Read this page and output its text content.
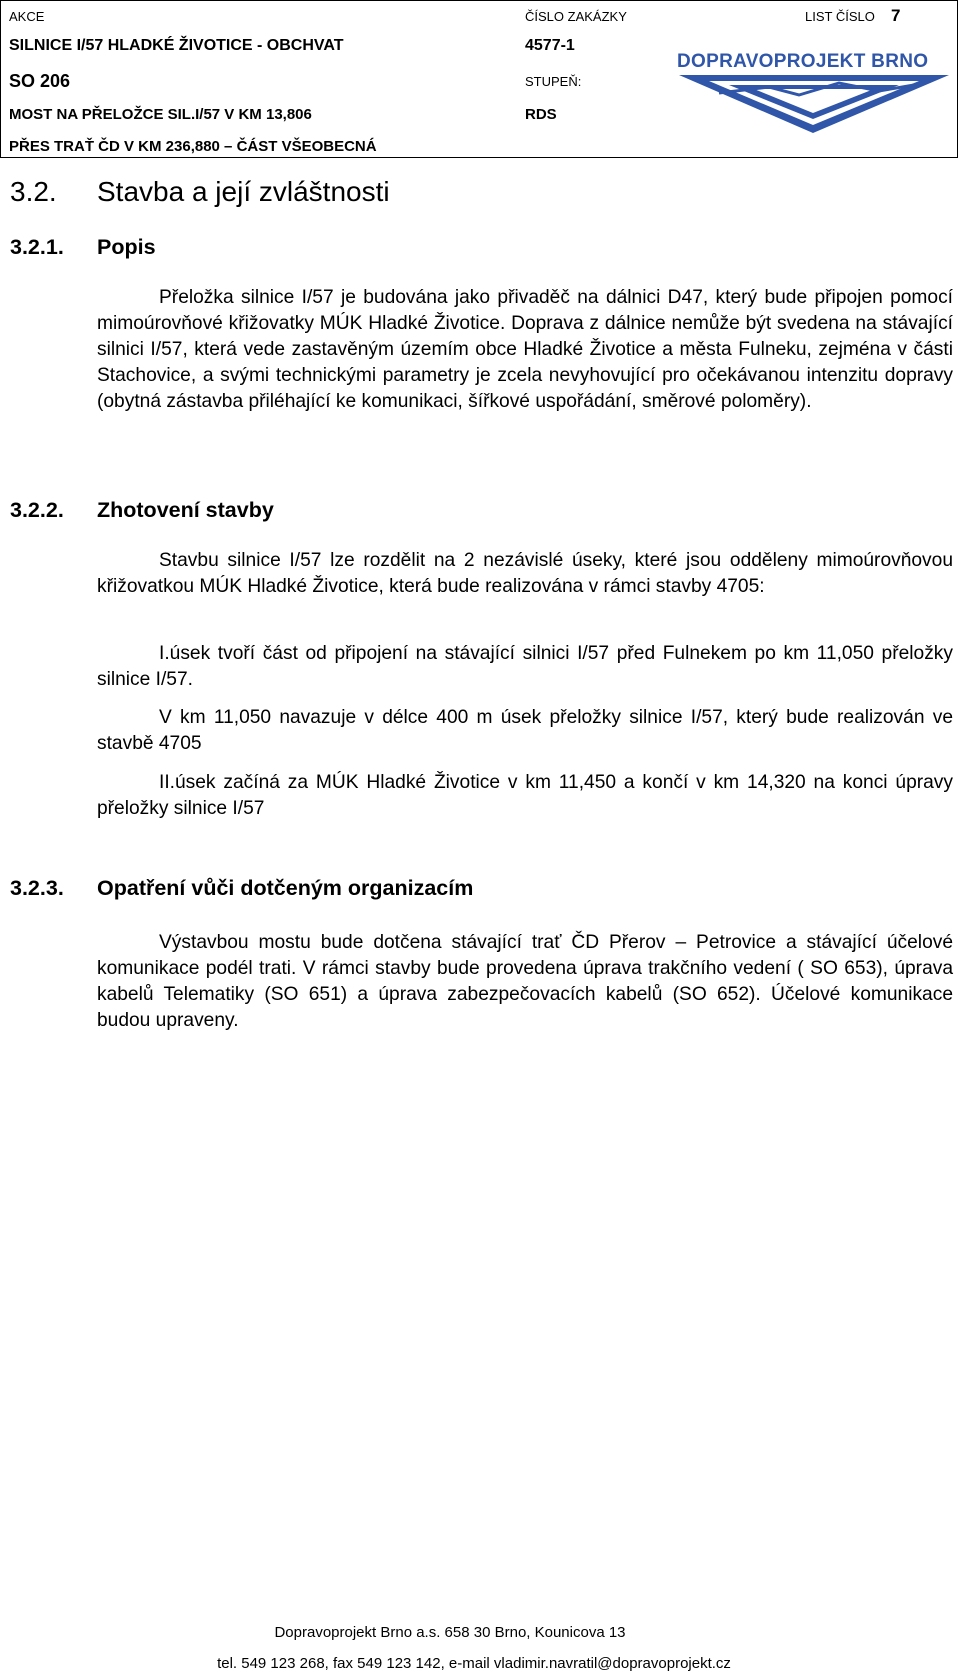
AKCE
SILNICE I/57 HLADKÉ ŽIVOTICE - OBCHVAT
SO 206
MOST NA PŘELOŽCE SIL.I/57 V KM 13,806
PŘES TRAŤ ČD V KM 236,880 – ČÁST VŠEOBECNÁ
ČÍSLO ZAKÁZKY
4577-1
STUPEŇ:
RDS
LIST ČÍSLO 7
DOPRAVOPROJEKT BRNO
3.2. Stavba a její zvláštnosti
3.2.1. Popis
Přeložka silnice I/57 je budována jako přivaděč na dálnici D47, který bude připojen pomocí mimoúrovňové křižovatky MÚK Hladké Životice. Doprava z dálnice nemůže být svedena na stávající silnici I/57, která vede zastavěným územím obce Hladké Životice a města Fulneku, zejména v části Stachovice, a svými technickými parametry je zcela nevyhovující pro očekávanou intenzitu dopravy (obytná zástavba přiléhající ke komunikaci, šířkové uspořádání, směrové poloměry).
3.2.2. Zhotovení stavby
Stavbu silnice I/57 lze rozdělit na 2 nezávislé úseky, které jsou odděleny mimoúrovňovou křižovatkou MÚK Hladké Životice, která bude realizována v rámci stavby 4705:
I.úsek tvoří část od připojení na stávající silnici I/57 před Fulnekem po km 11,050 přeložky silnice I/57.
V km 11,050 navazuje v délce 400 m úsek přeložky silnice I/57, který bude realizován ve stavbě 4705
II.úsek začíná za MÚK Hladké Životice v km 11,450 a končí v km 14,320 na konci úpravy přeložky silnice I/57
3.2.3. Opatření vůči dotčeným organizacím
Výstavbou mostu bude dotčena stávající trať ČD Přerov – Petrovice a stávající účelové komunikace podél trati. V rámci stavby bude provedena úprava trakčního vedení ( SO 653), úprava kabelů Telematiky (SO 651) a úprava zabezpečovacích kabelů (SO 652). Účelové komunikace budou upraveny.
Dopravoprojekt Brno a.s. 658 30 Brno, Kounicova 13
tel. 549 123 268, fax 549 123 142, e-mail vladimir.navratil@dopravoprojekt.cz
